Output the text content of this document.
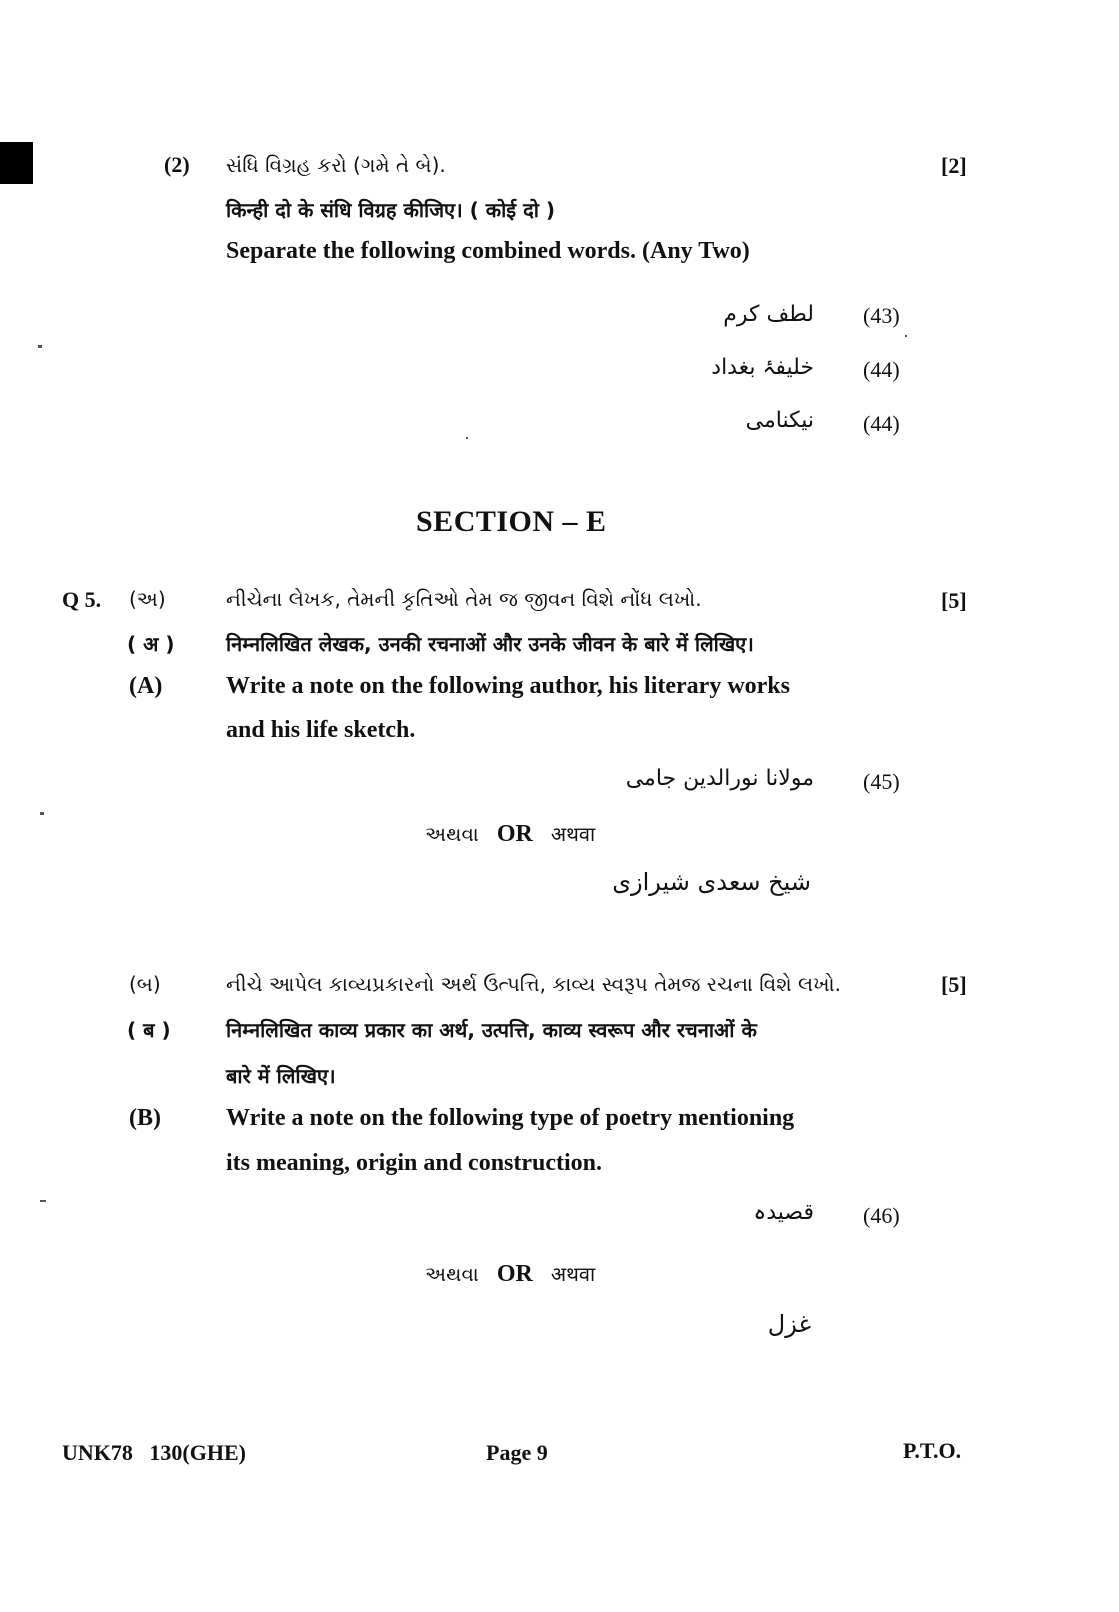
(2) સંધિ વિગ્રહ કરો (ગમે તે બે).	[2]
किन्ही दो के संधि विग्रह कीजिए। ( कोई दो )
Separate the following combined words. (Any Two)
لطف کرم (43)
خلیفۂ بغداد (44)
نیکنامی (44)
SECTION – E
Q 5. (અ)	નીચેના લેખક, તેમની કૃતિઓ તેમ જ જીવન વિશે નોંધ લખો.	[5]
( अ )	निम्नलिखित लेखक, उनकी रचनाओं और उनके जीवन के बारे में लिखिए।
(A)	Write a note on the following author, his literary works
and his life sketch.
مولانا نورالدین جامی (45)
અથવા OR अथवा
شیخ سعدی شیرازی
(બ)	નીચે આપેલ કાવ્યપ્રકારનો અર્થ ઉત્પત્તિ, કાવ્ય સ્વરૂપ તેમજ રચના વિશે લખો.	[5]
( ब )	निम्नलिखित काव्य प्रकार का अर्थ, उत्पत्ति, काव्य स्वरूप और रचनाओं के
बारे में लिखिए।
(B)	Write a note on the following type of poetry mentioning
its meaning, origin and construction.
قصیدہ (46)
અથવા OR अथवा
غزل
UNK78   130(GHE)	Page 9	P.T.O.
